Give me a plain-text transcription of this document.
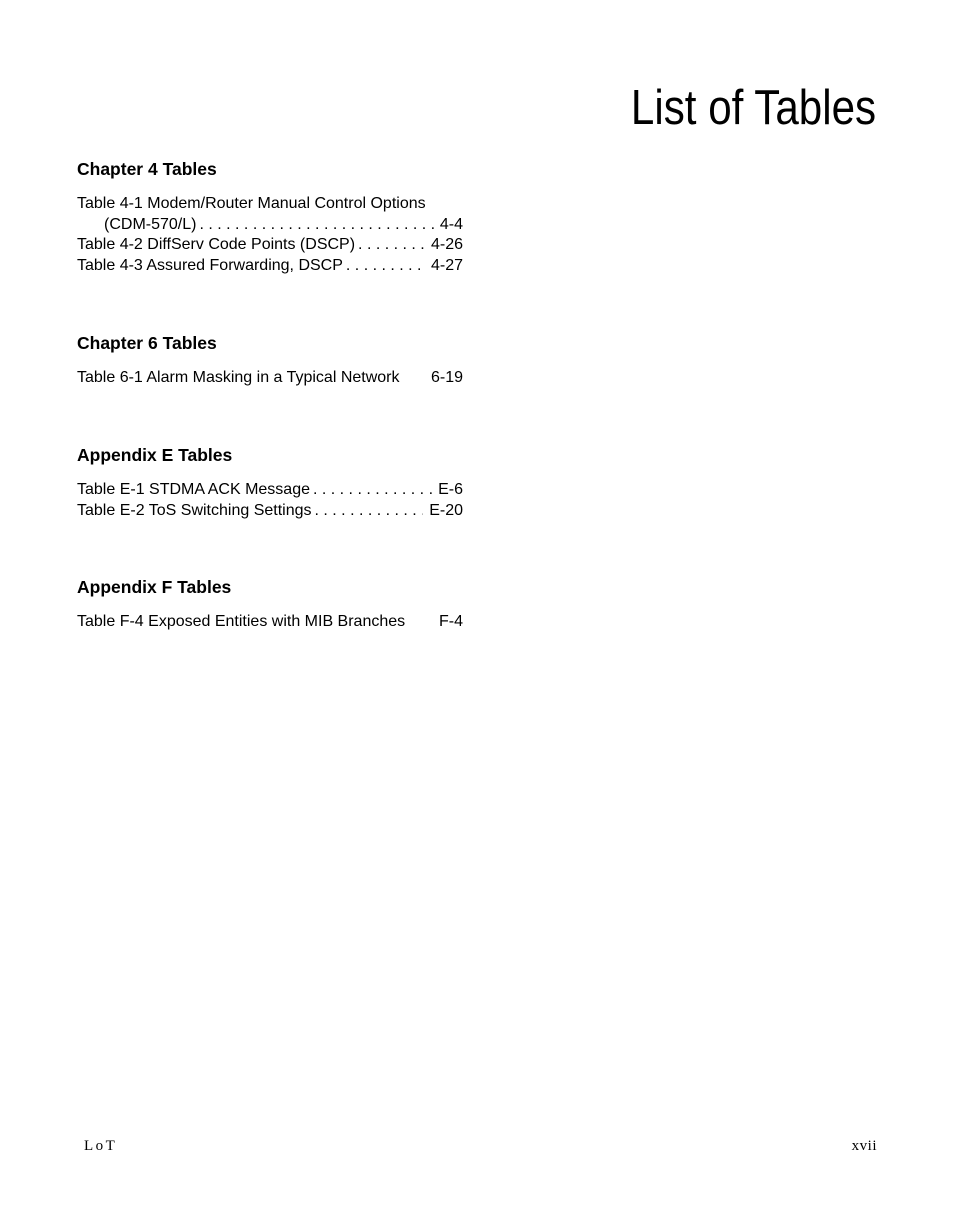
List of Tables
Chapter 4 Tables
Table 4-1 Modem/Router Manual Control Options
(CDM-570/L) . . .	4-4
Table 4-2 DiffServ Code Points (DSCP) . . .	4-26
Table 4-3 Assured Forwarding, DSCP . . .	4-27
Chapter 6 Tables
Table 6-1 Alarm Masking in a Typical Network	6-19
Appendix E Tables
Table E-1 STDMA ACK Message . . .	E-6
Table E-2 ToS Switching Settings . . .	E-20
Appendix F Tables
Table F-4 Exposed Entities with MIB Branches	F-4
LoT	xvii
